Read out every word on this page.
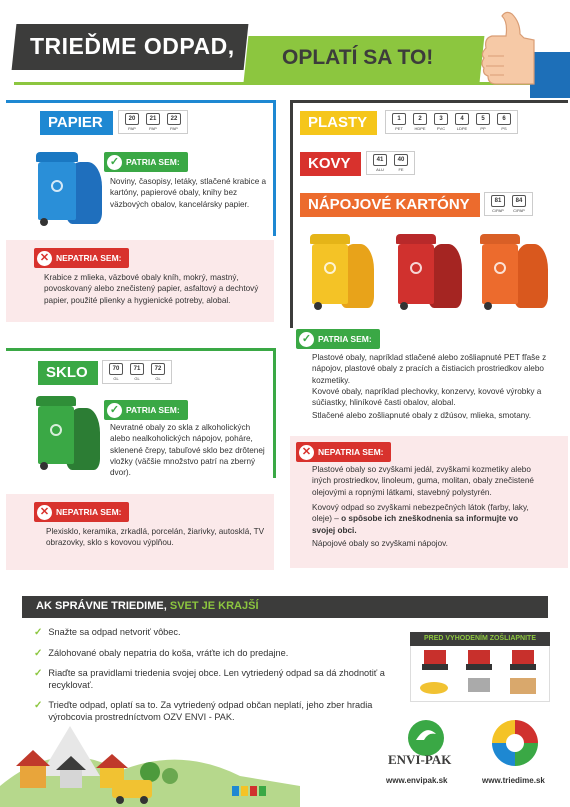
TRIEĎME ODPAD, OPLATÍ SA TO!
PAPIER	20
PAP
21
PAP
22
PAP
✓ PATRIA SEM:
Noviny, časopisy, letáky, stlačené krabice a kartóny, papierové obaly, knihy bez väzbových obalov, kancelársky papier.
✕ NEPATRIA SEM:
Krabice z mlieka, väzbové obaly kníh, mokrý, mastný, povoskovaný alebo znečistený papier, asfaltový a dechtový papier, použité plienky a hygienické potreby, alobal.
PLASTY	1
PET
2
HDPE
3
PVC
4
LDPE
5
PP
6
PS
KOVY	41
ALU
40
FE
NÁPOJOVÉ KARTÓNY	81
C/PAP
84
C/PAP
✓ PATRIA SEM:
Plastové obaly, napríklad stlačené alebo zošliapnuté PET fľaše z nápojov, plastové obaly z pracích a čistiacich prostriedkov alebo kozmetiky.
Kovové obaly, napríklad plechovky, konzervy, kovové výrobky a súčiastky, hliníkové časti obalov, alobal.
Stlačené alebo zošliapnuté obaly z džúsov, mlieka, smotany.
✕ NEPATRIA SEM:
Plastové obaly so zvyškami jedál, zvyškami kozmetiky alebo iných prostriedkov, linoleum, guma, molitan, obaly znečistené olejovými a ropnými látkami, stavebný polystyrén.
Kovový odpad so zvyškami nebezpečných látok (farby, laky, oleje) – o spôsobe ich zneškodnenia sa informujte vo svojej obci.
Nápojové obaly so zvyškami nápojov.
SKLO	70
GL
71
GL
72
GL
✓ PATRIA SEM:
Nevratné obaly zo skla z alkoholických alebo nealkoholických nápojov, poháre, sklenené črepy, tabuľové sklo bez drôtenej vložky (väčšie množstvo patrí na zberný dvor).
✕ NEPATRIA SEM:
Plexisklo, keramika, zrkadlá, porcelán, žiarivky, autosklá, TV obrazovky, sklo s kovovou výplňou.
AK SPRÁVNE TRIEDIME, SVET JE KRAJŠÍ
✓ Snažte sa odpad netvoriť vôbec.
✓ Zálohované obaly nepatria do koša, vráťte ich do predajne.
✓ Riaďte sa pravidlami triedenia svojej obce. Len vytriedený odpad sa dá zhodnotiť a recyklovať.
✓ Trieďte odpad, oplatí sa to. Za vytriedený odpad občan neplatí, jeho zber hradia výrobcovia prostredníctvom OZV ENVI - PAK.
PRED VYHODENÍM ZOŠLIAPNITE
ENVI-PAK
www.envipak.sk	www.triedime.sk
